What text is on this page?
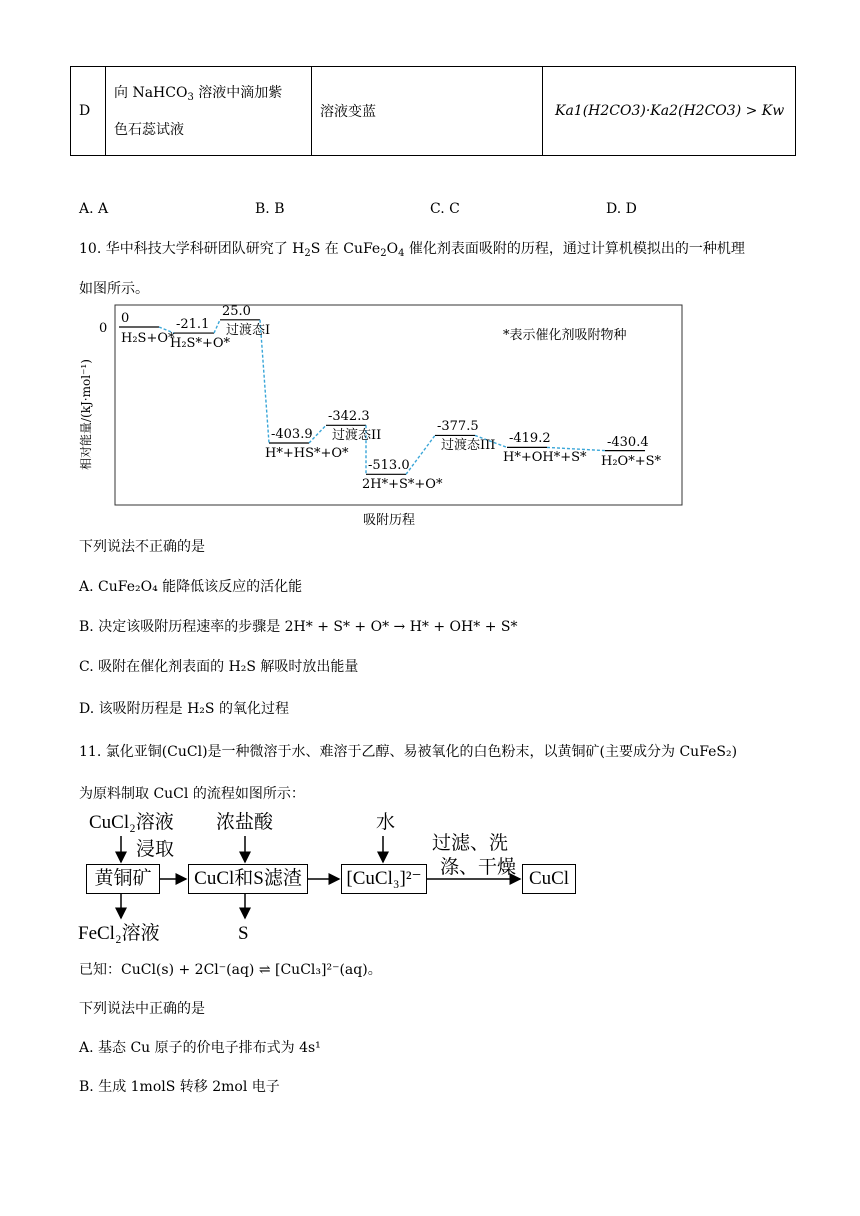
D	向 NaHCO$_3$ 溶液中滴加紫
色石蕊试液	溶液变蓝	Ka1(H2CO3)·Ka2(H2CO3) > Kw
A. A	B. B	C. C	D. D
10. 华中科技大学科研团队研究了 $H_2S$ 在 $CuFe_2O_4$ 催化剂表面吸附的历程，通过计算机模拟出的一种机理
如图所示。
0
相对能量/(kJ·mol⁻¹)
*表示催化剂吸附物种
吸附历程
0
H₂S+O*
-21.1
H₂S*+O*
25.0
过渡态I
-403.9
H*+HS*+O*
-342.3
过渡态II
-513.0
2H*+S*+O*
-377.5
过渡态III -419.2
H*+OH*+S*
-430.4
H₂O*+S*
下列说法不正确的是
A. CuFe₂O₄ 能降低该反应的活化能
B. 决定该吸附历程速率的步骤是 2H* + S* + O* → H* + OH* + S*
C. 吸附在催化剂表面的 H₂S 解吸时放出能量
D. 该吸附历程是 H₂S 的氧化过程
11. 氯化亚铜(CuCl)是一种微溶于水、难溶于乙醇、易被氧化的白色粉末，以黄铜矿(主要成分为 CuFeS₂)
为原料制取 CuCl 的流程如图所示：
CuCl₂溶液
浸取
黄铜矿
FeCl₂溶液
浓盐酸
CuCl和S滤渣
S
水
[CuCl₃]²⁻
过滤、洗
涤、干燥
CuCl
已知：CuCl(s) + 2Cl⁻(aq) ⇌ [CuCl₃]²⁻(aq)。
下列说法中正确的是
A. 基态 Cu 原子的价电子排布式为 4s¹
B. 生成 1molS 转移 2mol 电子
